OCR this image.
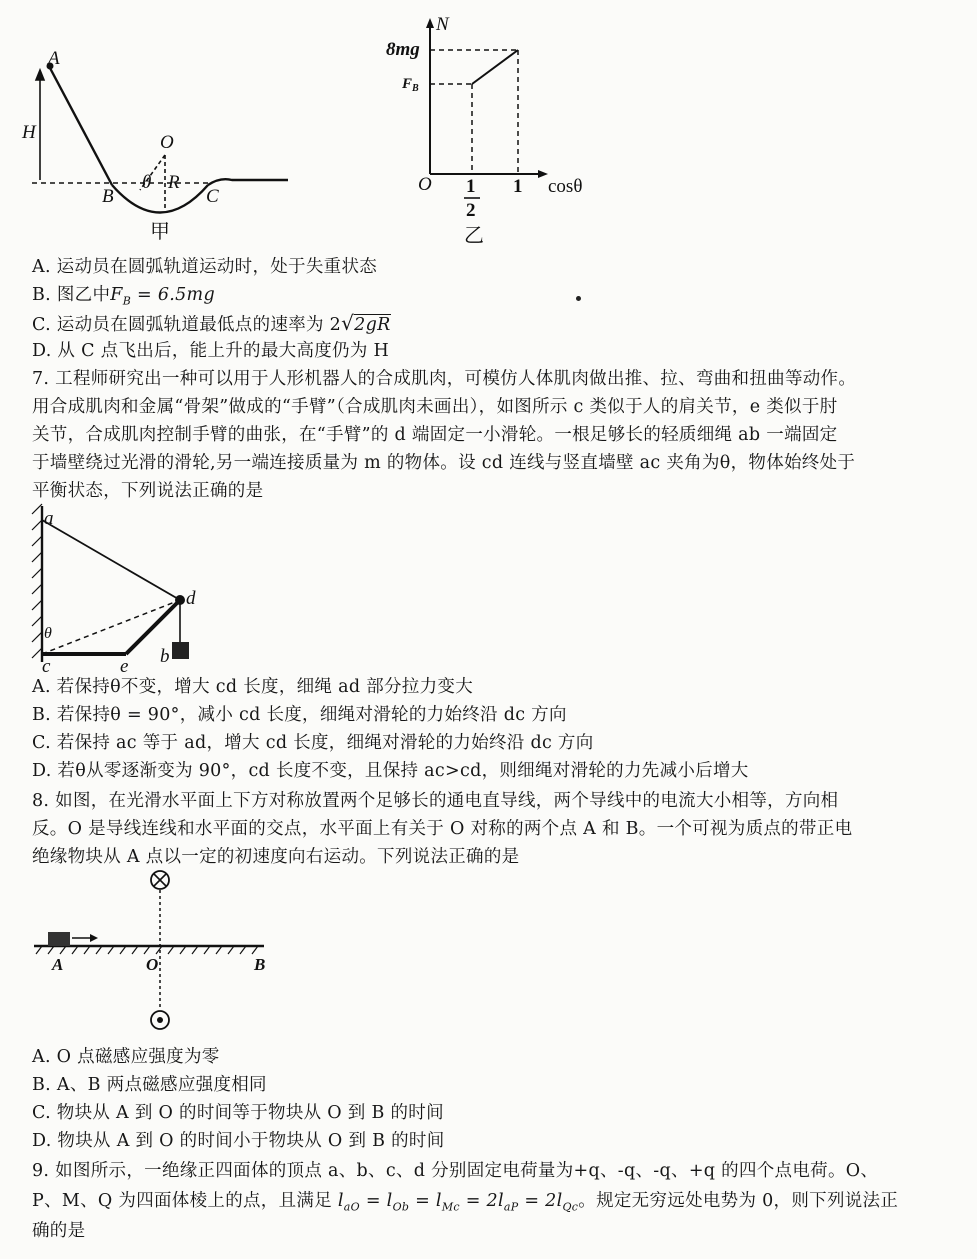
A
H	O
θ R
B	C
甲
N
8mg
$F_B$
O 1
2
1 cosθ
乙
A. 运动员在圆弧轨道运动时，处于失重状态
B. 图乙中$F_B = 6.5mg$
C. 运动员在圆弧轨道最低点的速率为 2√2gR
D. 从 C 点飞出后，能上升的最大高度仍为 H
7. 工程师研究出一种可以用于人形机器人的合成肌肉，可模仿人体肌肉做出推、拉、弯曲和扭曲等动作。
用合成肌肉和金属“骨架”做成的“手臂”（合成肌肉未画出），如图所示 c 类似于人的肩关节，e 类似于肘
关节，合成肌肉控制手臂的曲张，在“手臂”的 d 端固定一小滑轮。一根足够长的轻质细绳 ab 一端固定
于墙壁绕过光滑的滑轮,另一端连接质量为 m 的物体。设 cd 连线与竖直墙壁 ac 夹角为θ，物体始终处于
平衡状态，下列说法正确的是
a
d
θ
c	e b
A. 若保持θ不变，增大 cd 长度，细绳 ad 部分拉力变大
B. 若保持θ = 90°，减小 cd 长度，细绳对滑轮的力始终沿 dc 方向
C. 若保持 ac 等于 ad，增大 cd 长度，细绳对滑轮的力始终沿 dc 方向
D. 若θ从零逐渐变为 90°，cd 长度不变，且保持 ac>cd，则细绳对滑轮的力先减小后增大
8. 如图，在光滑水平面上下方对称放置两个足够长的通电直导线，两个导线中的电流大小相等，方向相
反。O 是导线连线和水平面的交点，水平面上有关于 O 对称的两个点 A 和 B。一个可视为质点的带正电
绝缘物块从 A 点以一定的初速度向右运动。下列说法正确的是
A	O	B
A. O 点磁感应强度为零
B. A、B 两点磁感应强度相同
C. 物块从 A 到 O 的时间等于物块从 O 到 B 的时间
D. 物块从 A 到 O 的时间小于物块从 O 到 B 的时间
9. 如图所示，一绝缘正四面体的顶点 a、b、c、d 分别固定电荷量为+q、-q、-q、+q 的四个点电荷。O、
P、M、Q 为四面体棱上的点，且满足 $l_{aO} = l_{Ob} = l_{Mc} = 2l_{aP} = 2l_{Qc}$。规定无穷远处电势为 0，则下列说法正
确的是
